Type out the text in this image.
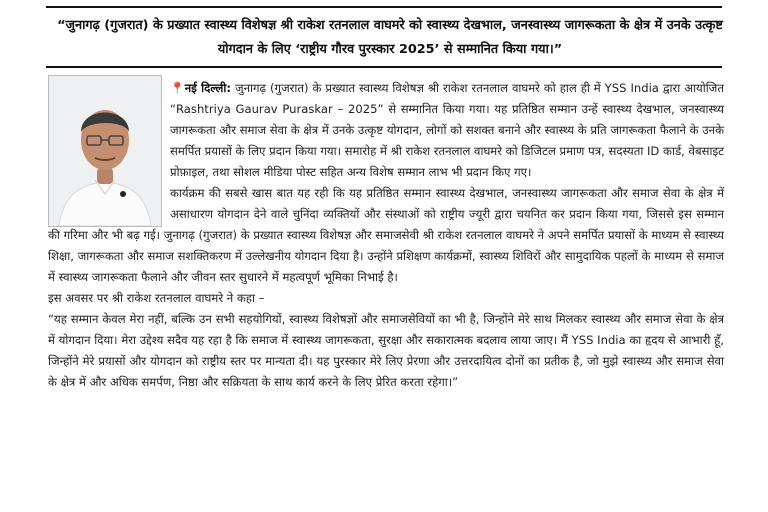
“जुनागढ़ (गुजरात) के प्रख्यात स्वास्थ्य विशेषज्ञ श्री राकेश रतनलाल वाघमरे को स्वास्थ्य देखभाल, जनस्वास्थ्य जागरूकता के क्षेत्र में उनके उत्कृष्ट योगदान के लिए ‘राष्ट्रीय गौरव पुरस्कार 2025’ से सम्मानित किया गया।”

📍नई दिल्ली: जुनागढ़ (गुजरात) के प्रख्यात स्वास्थ्य विशेषज्ञ श्री राकेश रतनलाल वाघमरे को हाल ही में YSS India द्वारा आयोजित “Rashtriya Gaurav Puraskar – 2025” से सम्मानित किया गया। यह प्रतिष्ठित सम्मान उन्हें स्वास्थ्य देखभाल, जनस्वास्थ्य जागरूकता और समाज सेवा के क्षेत्र में उनके उत्कृष्ट योगदान, लोगों को सशक्त बनाने और स्वास्थ्य के प्रति जागरूकता फैलाने के उनके समर्पित प्रयासों के लिए प्रदान किया गया। समारोह में श्री राकेश रतनलाल वाघमरे को डिजिटल प्रमाण पत्र, सदस्यता ID कार्ड, वेबसाइट प्रोफ़ाइल, तथा सोशल मीडिया पोस्ट सहित अन्य विशेष सम्मान लाभ भी प्रदान किए गए।

कार्यक्रम की सबसे खास बात यह रही कि यह प्रतिष्ठित सम्मान स्वास्थ्य देखभाल, जनस्वास्थ्य जागरूकता और समाज सेवा के क्षेत्र में असाधारण योगदान देने वाले चुनिंदा व्यक्तियों और संस्थाओं को राष्ट्रीय ज्यूरी द्वारा चयनित कर प्रदान किया गया, जिससे इस सम्मान की गरिमा और भी बढ़ गई। जुनागढ़ (गुजरात) के प्रख्यात स्वास्थ्य विशेषज्ञ और समाजसेवी श्री राकेश रतनलाल वाघमरे ने अपने समर्पित प्रयासों के माध्यम से स्वास्थ्य शिक्षा, जागरूकता और समाज सशक्तिकरण में उल्लेखनीय योगदान दिया है। उन्होंने प्रशिक्षण कार्यक्रमों, स्वास्थ्य शिविरों और सामुदायिक पहलों के माध्यम से समाज में स्वास्थ्य जागरूकता फैलाने और जीवन स्तर सुधारने में महत्वपूर्ण भूमिका निभाई है।

इस अवसर पर श्री राकेश रतनलाल वाघमरे ने कहा –

“यह सम्मान केवल मेरा नहीं, बल्कि उन सभी सहयोगियों, स्वास्थ्य विशेषज्ञों और समाजसेवियों का भी है, जिन्होंने मेरे साथ मिलकर स्वास्थ्य और समाज सेवा के क्षेत्र में योगदान दिया। मेरा उद्देश्य सदैव यह रहा है कि समाज में स्वास्थ्य जागरूकता, सुरक्षा और सकारात्मक बदलाव लाया जाए। मैं YSS India का हृदय से आभारी हूँ, जिन्होंने मेरे प्रयासों और योगदान को राष्ट्रीय स्तर पर मान्यता दी। यह पुरस्कार मेरे लिए प्रेरणा और उत्तरदायित्व दोनों का प्रतीक है, जो मुझे स्वास्थ्य और समाज सेवा के क्षेत्र में और अधिक समर्पण, निष्ठा और सक्रियता के साथ कार्य करने के लिए प्रेरित करता रहेगा।”
